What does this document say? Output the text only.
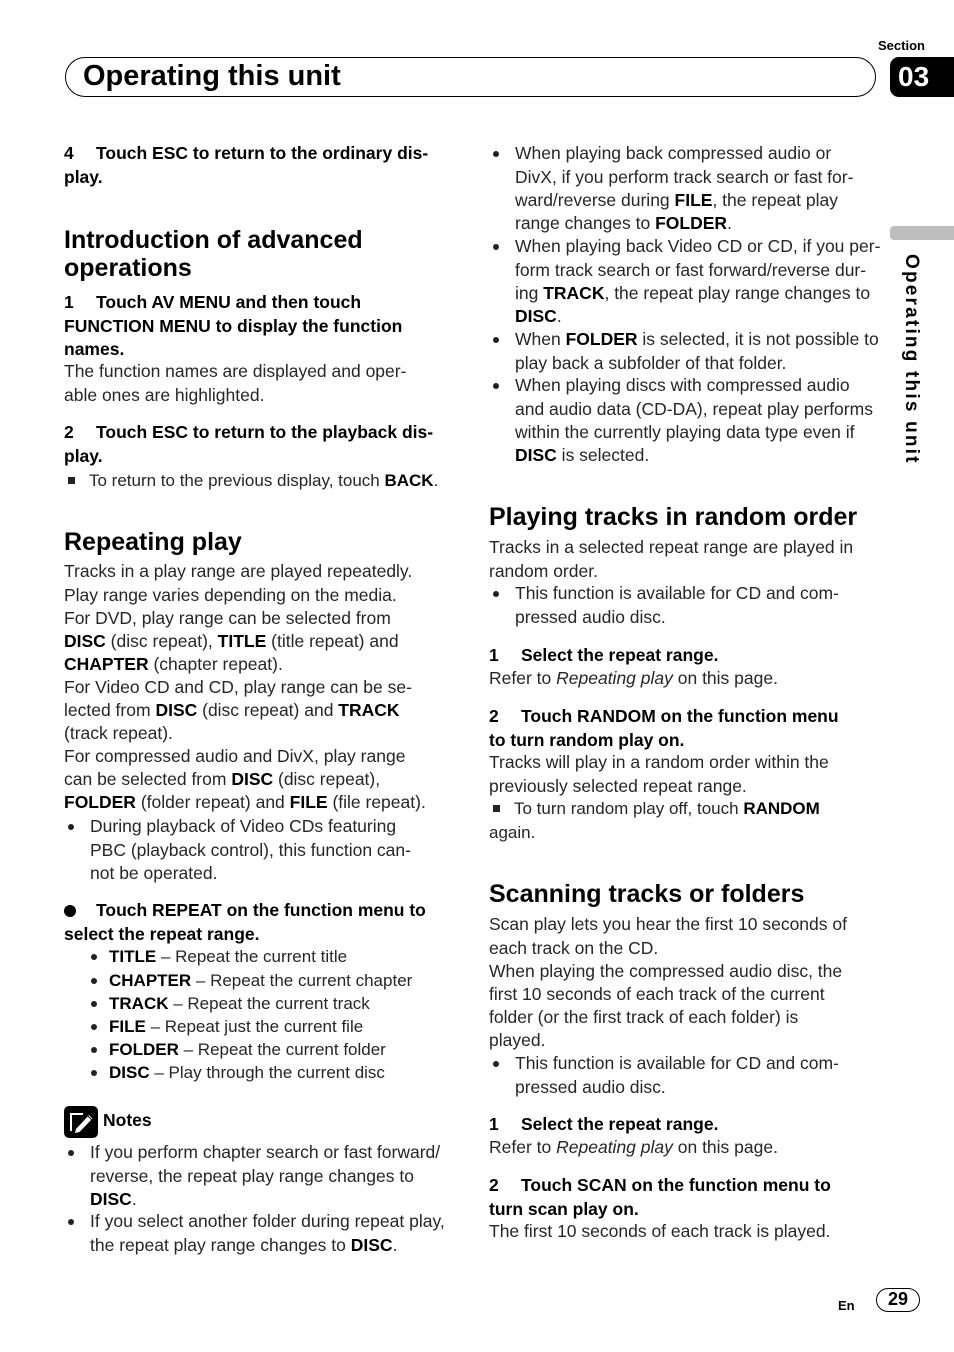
Section
Operating this unit	03
Operating this unit
En	29
4 Touch ESC to return to the ordinary dis-
play.
Introduction of advanced
operations
1 Touch AV MENU and then touch
FUNCTION MENU to display the function
names.
The function names are displayed and oper-
able ones are highlighted.
2 Touch ESC to return to the playback dis-
play.
To return to the previous display, touch BACK.
Repeating play
Tracks in a play range are played repeatedly.
Play range varies depending on the media.
For DVD, play range can be selected from
DISC (disc repeat), TITLE (title repeat) and
CHAPTER (chapter repeat).
For Video CD and CD, play range can be se-
lected from DISC (disc repeat) and TRACK
(track repeat).
For compressed audio and DivX, play range
can be selected from DISC (disc repeat),
FOLDER (folder repeat) and FILE (file repeat).
During playback of Video CDs featuring
PBC (playback control), this function can-
not be operated.
Touch REPEAT on the function menu to
select the repeat range.
TITLE – Repeat the current title
CHAPTER – Repeat the current chapter
TRACK – Repeat the current track
FILE – Repeat just the current file
FOLDER – Repeat the current folder
DISC – Play through the current disc
Notes
If you perform chapter search or fast forward/
reverse, the repeat play range changes to
DISC.
If you select another folder during repeat play,
the repeat play range changes to DISC.
When playing back compressed audio or
DivX, if you perform track search or fast for-
ward/reverse during FILE, the repeat play
range changes to FOLDER.
When playing back Video CD or CD, if you per-
form track search or fast forward/reverse dur-
ing TRACK, the repeat play range changes to
DISC.
When FOLDER is selected, it is not possible to
play back a subfolder of that folder.
When playing discs with compressed audio
and audio data (CD-DA), repeat play performs
within the currently playing data type even if
DISC is selected.
Playing tracks in random order
Tracks in a selected repeat range are played in
random order.
This function is available for CD and com-
pressed audio disc.
1 Select the repeat range.
Refer to Repeating play on this page.
2 Touch RANDOM on the function menu
to turn random play on.
Tracks will play in a random order within the
previously selected repeat range.
To turn random play off, touch RANDOM
again.
Scanning tracks or folders
Scan play lets you hear the first 10 seconds of
each track on the CD.
When playing the compressed audio disc, the
first 10 seconds of each track of the current
folder (or the first track of each folder) is
played.
This function is available for CD and com-
pressed audio disc.
1 Select the repeat range.
Refer to Repeating play on this page.
2 Touch SCAN on the function menu to
turn scan play on.
The first 10 seconds of each track is played.
